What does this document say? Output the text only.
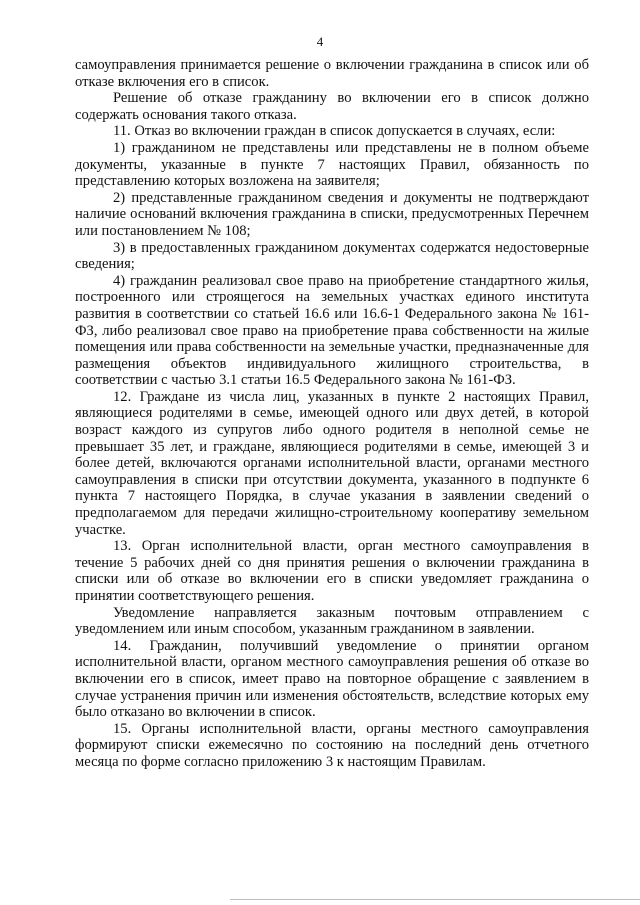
4

самоуправления принимается решение о включении гражданина в список или об отказе включения его в список.

Решение об отказе гражданину во включении его в список должно содержать основания такого отказа.

11. Отказ во включении граждан в список допускается в случаях, если:

1) гражданином не представлены или представлены не в полном объеме документы, указанные в пункте 7 настоящих Правил, обязанность по представлению которых возложена на заявителя;

2) представленные гражданином сведения и документы не подтверждают наличие оснований включения гражданина в списки, предусмотренных Перечнем или постановлением № 108;

3) в предоставленных гражданином документах содержатся недостоверные сведения;

4) гражданин реализовал свое право на приобретение стандартного жилья, построенного или строящегося на земельных участках единого института развития в соответствии со статьей 16.6 или 16.6-1 Федерального закона № 161-ФЗ, либо реализовал свое право на приобретение права собственности на жилые помещения или права собственности на земельные участки, предназначенные для размещения объектов индивидуального жилищного строительства, в соответствии с частью 3.1 статьи 16.5 Федерального закона № 161-ФЗ.

12. Граждане из числа лиц, указанных в пункте 2 настоящих Правил, являющиеся родителями в семье, имеющей одного или двух детей, в которой возраст каждого из супругов либо одного родителя в неполной семье не превышает 35 лет, и граждане, являющиеся родителями в семье, имеющей 3 и более детей, включаются органами исполнительной власти, органами местного самоуправления в списки при отсутствии документа, указанного в подпункте 6 пункта 7 настоящего Порядка, в случае указания в заявлении сведений о предполагаемом для передачи жилищно-строительному кооперативу земельном участке.

13. Орган исполнительной власти, орган местного самоуправления в течение 5 рабочих дней со дня принятия решения о включении гражданина в списки или об отказе во включении его в списки уведомляет гражданина о принятии соответствующего решения.

Уведомление направляется заказным почтовым отправлением с уведомлением или иным способом, указанным гражданином в заявлении.

14. Гражданин, получивший уведомление о принятии органом исполнительной власти, органом местного самоуправления решения об отказе во включении его в список, имеет право на повторное обращение с заявлением в случае устранения причин или изменения обстоятельств, вследствие которых ему было отказано во включении в список.

15. Органы исполнительной власти, органы местного самоуправления формируют списки ежемесячно по состоянию на последний день отчетного месяца по форме согласно приложению 3 к настоящим Правилам.
